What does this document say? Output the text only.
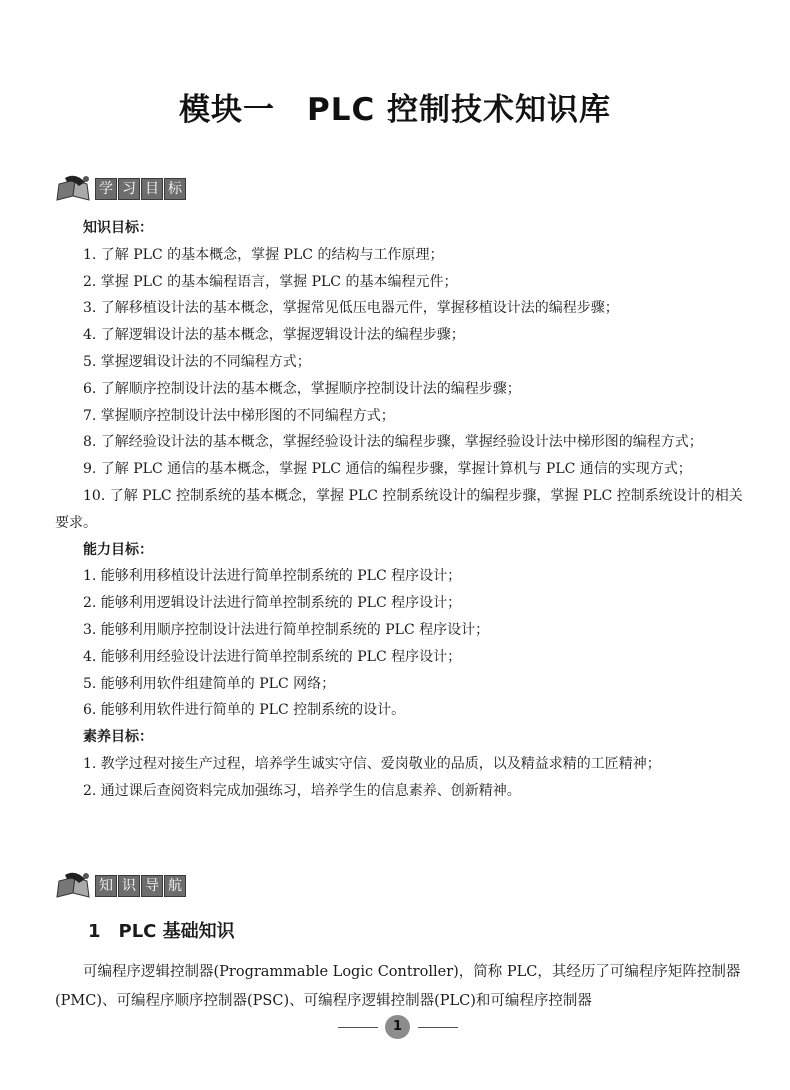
模块一　PLC 控制技术知识库
学 习 目 标
知识目标：
1. 了解 PLC 的基本概念，掌握 PLC 的结构与工作原理；
2. 掌握 PLC 的基本编程语言，掌握 PLC 的基本编程元件；
3. 了解移植设计法的基本概念，掌握常见低压电器元件，掌握移植设计法的编程步骤；
4. 了解逻辑设计法的基本概念，掌握逻辑设计法的编程步骤；
5. 掌握逻辑设计法的不同编程方式；
6. 了解顺序控制设计法的基本概念，掌握顺序控制设计法的编程步骤；
7. 掌握顺序控制设计法中梯形图的不同编程方式；
8. 了解经验设计法的基本概念，掌握经验设计法的编程步骤，掌握经验设计法中梯形图的编程方式；
9. 了解 PLC 通信的基本概念，掌握 PLC 通信的编程步骤，掌握计算机与 PLC 通信的实现方式；
10. 了解 PLC 控制系统的基本概念，掌握 PLC 控制系统设计的编程步骤，掌握 PLC 控制系统设计的相关要求。
能力目标：
1. 能够利用移植设计法进行简单控制系统的 PLC 程序设计；
2. 能够利用逻辑设计法进行简单控制系统的 PLC 程序设计；
3. 能够利用顺序控制设计法进行简单控制系统的 PLC 程序设计；
4. 能够利用经验设计法进行简单控制系统的 PLC 程序设计；
5. 能够利用软件组建简单的 PLC 网络；
6. 能够利用软件进行简单的 PLC 控制系统的设计。
素养目标：
1. 教学过程对接生产过程，培养学生诚实守信、爱岗敬业的品质，以及精益求精的工匠精神；
2. 通过课后查阅资料完成加强练习，培养学生的信息素养、创新精神。
知 识 导 航
1　PLC 基础知识
可编程序逻辑控制器(Programmable Logic Controller)，简称 PLC，其经历了可编程序矩阵控制器(PMC)、可编程序顺序控制器(PSC)、可编程序逻辑控制器(PLC)和可编程序控制器
1
